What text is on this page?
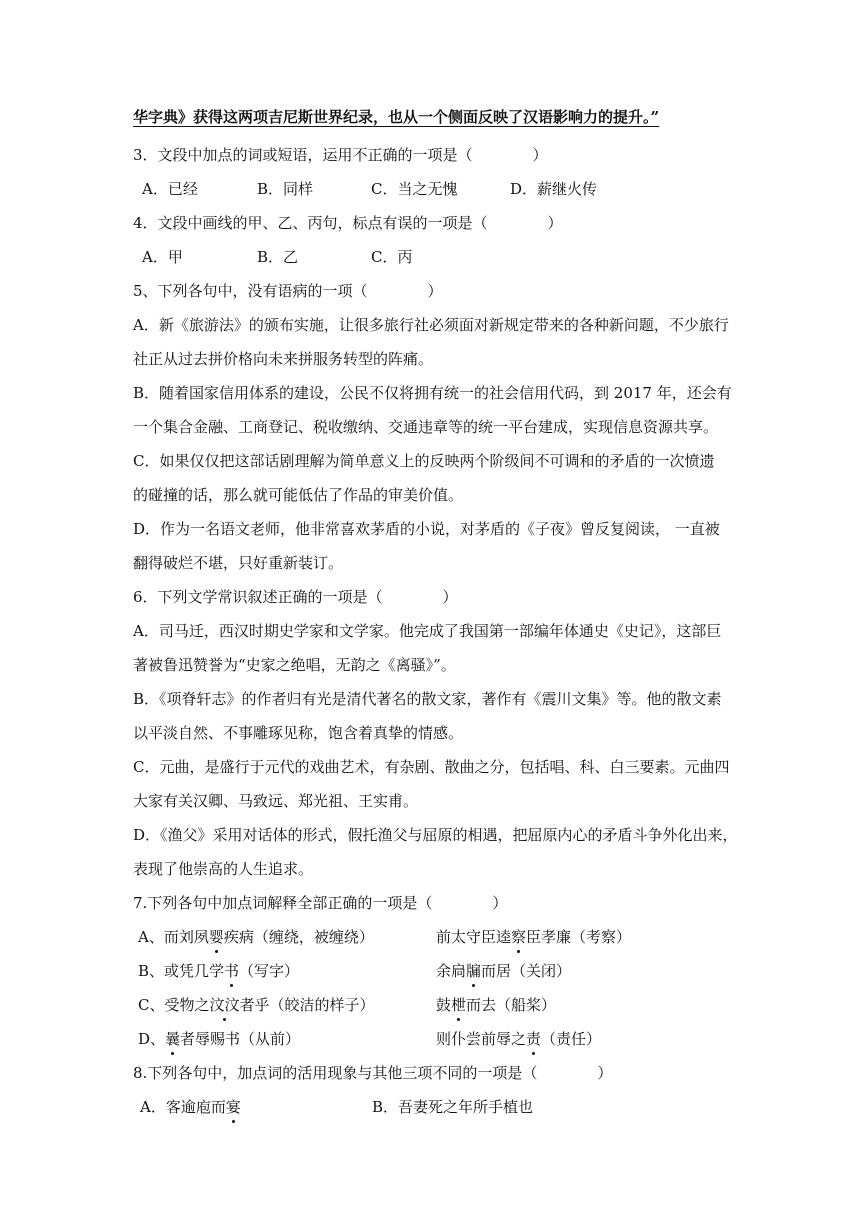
华字典》获得这两项吉尼斯世界纪录，也从一个侧面反映了汉语影响力的提升。”
3．文段中加点的词或短语，运用不正确的一项是（　　　　）
A．已经	B．同样	C．当之无愧	D．薪继火传
4．文段中画线的甲、乙、丙句，标点有误的一项是（　　　　）
A．甲	B．乙	C．丙
5、下列各句中，没有语病的一项（　　　　）
A．新《旅游法》的颁布实施，让很多旅行社必须面对新规定带来的各种新问题，不少旅行
社正从过去拼价格向未来拼服务转型的阵痛。
B．随着国家信用体系的建设，公民不仅将拥有统一的社会信用代码，到 2017 年，还会有
一个集合金融、工商登记、税收缴纳、交通违章等的统一平台建成，实现信息资源共享。
C．如果仅仅把这部话剧理解为简单意义上的反映两个阶级间不可调和的矛盾的一次愤遗
的碰撞的话，那么就可能低估了作品的审美价值。
D．作为一名语文老师，他非常喜欢茅盾的小说，对茅盾的《子夜》曾反复阅读， 一直被
翻得破烂不堪，只好重新装订。
6．下列文学常识叙述正确的一项是（　　　　）
A．司马迁，西汉时期史学家和文学家。他完成了我国第一部编年体通史《史记》，这部巨
著被鲁迅赞誉为“史家之绝唱，无韵之《离骚》”。
B．《项脊轩志》的作者归有光是清代著名的散文家，著作有《震川文集》等。他的散文素
以平淡自然、不事雕琢见称，饱含着真挚的情感。
C．元曲，是盛行于元代的戏曲艺术，有杂剧、散曲之分，包括唱、科、白三要素。元曲四
大家有关汉卿、马致远、郑光祖、王实甫。
D．《渔父》采用对话体的形式，假托渔父与屈原的相遇，把屈原内心的矛盾斗争外化出来，
表现了他崇高的人生追求。
7.下列各句中加点词解释全部正确的一项是（　　　　）
A、而刘夙婴疾病（缠绕，被缠绕）	前太守臣逵察臣孝廉（考察）
B、或凭几学书（写字）	余扃牖而居（关闭）
C、受物之汶汶者乎（皎洁的样子）	鼓枻而去（船桨）
D、曩者辱赐书（从前）	则仆尝前辱之责（责任）
8.下列各句中，加点词的活用现象与其他三项不同的一项是（　　　　）
A．客逾庖而宴	B．吾妻死之年所手植也
